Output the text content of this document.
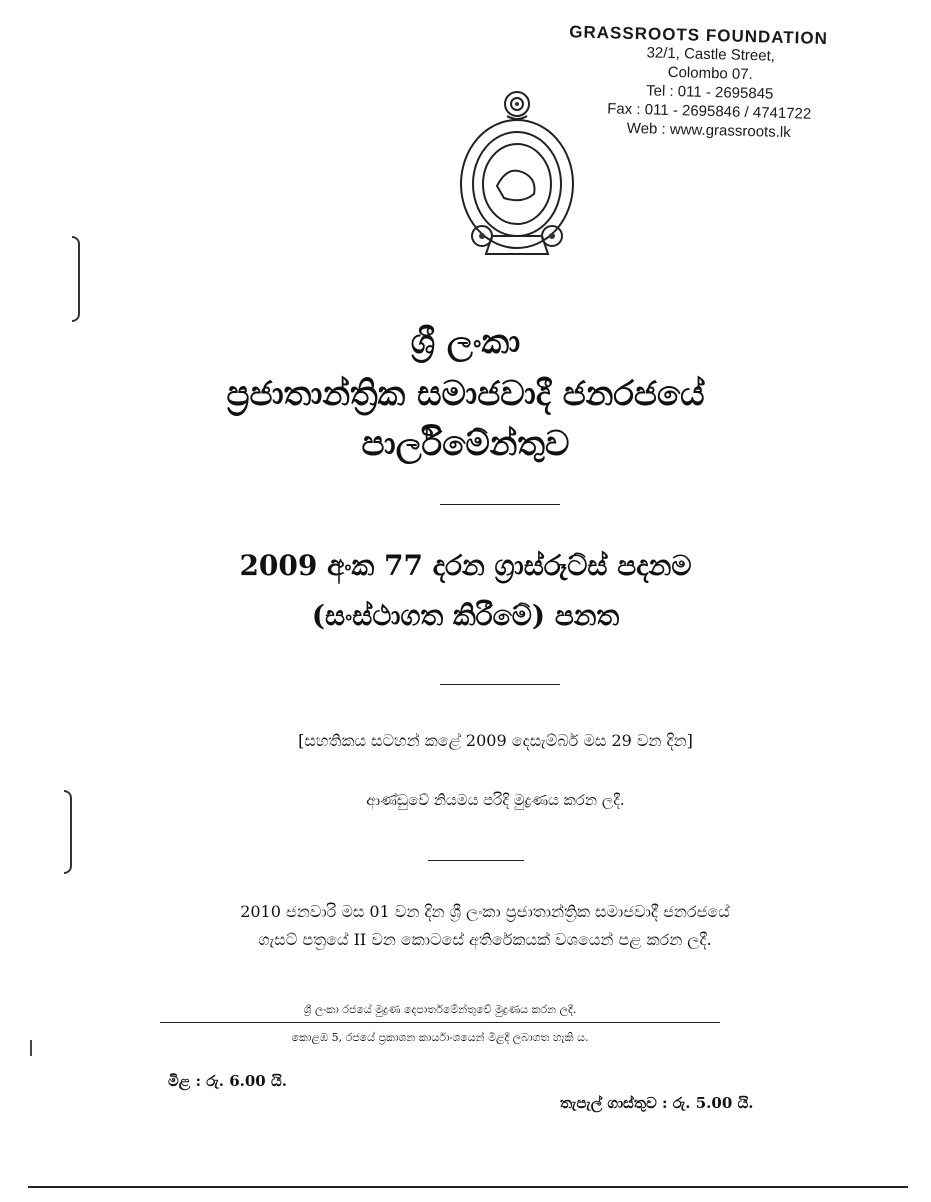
GRASSROOTS FOUNDATION
32/1, Castle Street,
Colombo 07.
Tel : 011 - 2695845
Fax : 011 - 2695846 / 4741722
Web : www.grassroots.lk
ශ්‍රී ලංකා
ප්‍රජාතාන්ත්‍රික සමාජවාදී ජනරජයේ
පාර්ලිමේන්තුව
2009 අංක 77 දරන ග්‍රාස්රූට්ස් පදනම
(සංස්ථාගත කිරීමේ) පනත
[සහතිකය සටහන් කළේ 2009 දෙසැම්බර් මස 29 වන දින]
ආණ්ඩුවේ නියමය පරිදි මුද්‍රණය කරන ලදී.
2010 ජනවාරි මස 01 වන දින ශ්‍රී ලංකා ප්‍රජාතාන්ත්‍රික සමාජවාදී ජනරජයේ
ගැසට් පත්‍රයේ II වන කොටසේ අතිරේකයක් වශයෙන් පළ කරන ලදී.
ශ්‍රී ලංකා රජයේ මුද්‍රණ දෙපාර්තමේන්තුවේ මුද්‍රණය කරන ලදී.
කොළඹ 5, රජයේ ප්‍රකාශන කාර්යාංශයෙන් මිළදී ලබාගත හැකි ය.
මිළ : රු. 6.00 යි.
තැපැල් ගාස්තුව : රු. 5.00 යි.
